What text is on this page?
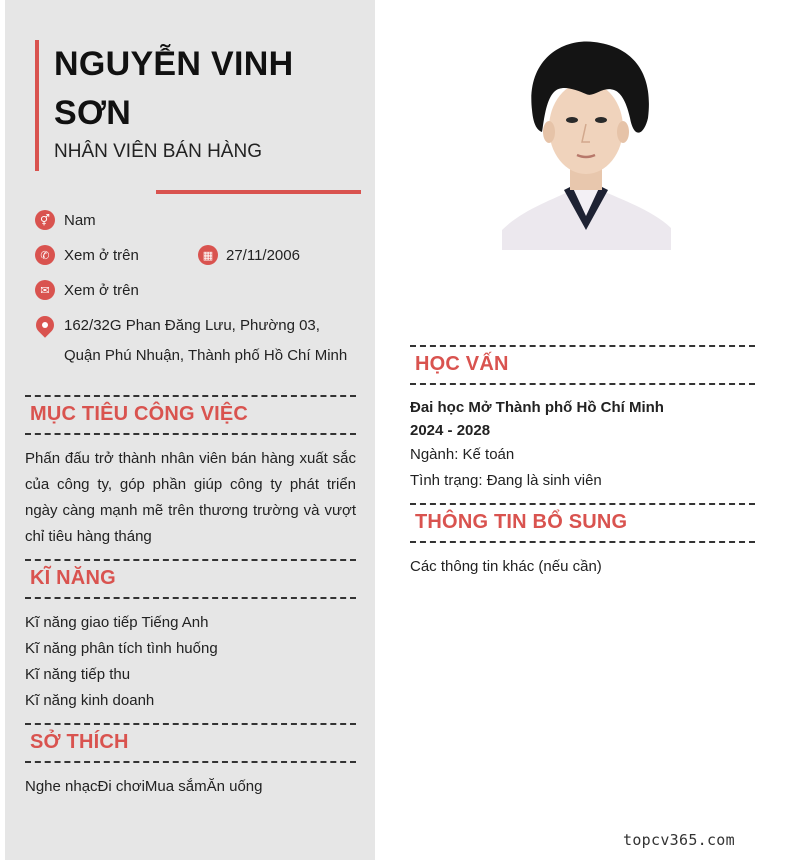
NGUYỄN VINH
SƠN
NHÂN VIÊN BÁN HÀNG
⚥ Nam
✆ Xem ở trên	▦ 27/11/2006
✉ Xem ở trên
162/32G Phan Đăng Lưu, Phường 03,
Quận Phú Nhuận, Thành phố Hồ Chí Minh
MỤC TIÊU CÔNG VIỆC
Phấn đấu trở thành nhân viên bán hàng xuất sắc của công ty, góp phần giúp công ty phát triển ngày càng mạnh mẽ trên thương trường và vượt chỉ tiêu hàng tháng
KĨ NĂNG
Kĩ năng giao tiếp Tiếng Anh
Kĩ năng phân tích tình huống
Kĩ năng tiếp thu
Kĩ năng kinh doanh
SỞ THÍCH
Nghe nhạcĐi chơiMua sắmĂn uống
HỌC VẤN
Đai học Mở Thành phố Hồ Chí Minh
2024 - 2028
Ngành: Kế toán
Tình trạng: Đang là sinh viên
THÔNG TIN BỔ SUNG
Các thông tin khác (nếu cần)
topcv365.com
